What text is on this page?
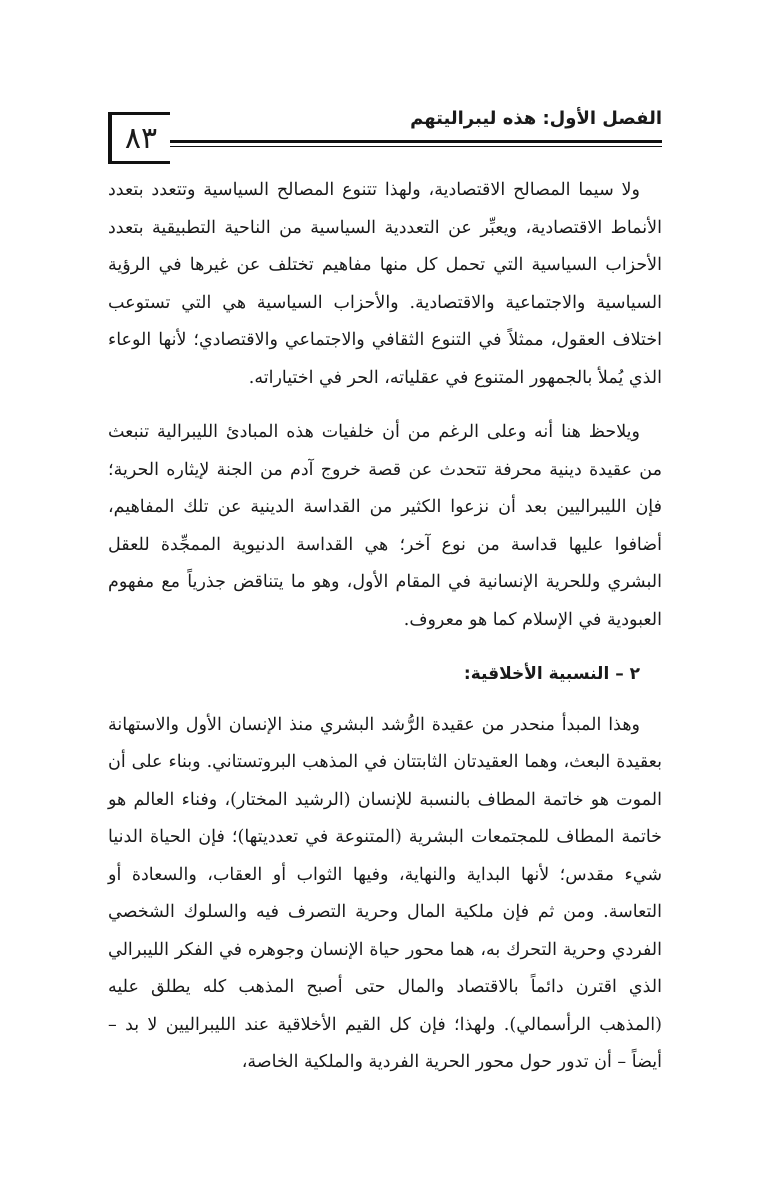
الفصل الأول: هذه ليبراليتهم
٨٣

ولا سيما المصالح الاقتصادية، ولهذا تتنوع المصالح السياسية وتتعدد بتعدد الأنماط الاقتصادية، ويعبِّر عن التعددية السياسية من الناحية التطبيقية بتعدد الأحزاب السياسية التي تحمل كل منها مفاهيم تختلف عن غيرها في الرؤية السياسية والاجتماعية والاقتصادية. والأحزاب السياسية هي التي تستوعب اختلاف العقول، ممثلاً في التنوع الثقافي والاجتماعي والاقتصادي؛ لأنها الوعاء الذي يُملأ بالجمهور المتنوع في عقلياته، الحر في اختياراته.

ويلاحظ هنا أنه وعلى الرغم من أن خلفيات هذه المبادئ الليبرالية تنبعث من عقيدة دينية محرفة تتحدث عن قصة خروج آدم من الجنة لإيثاره الحرية؛ فإن الليبراليين بعد أن نزعوا الكثير من القداسة الدينية عن تلك المفاهيم، أضافوا عليها قداسة من نوع آخر؛ هي القداسة الدنيوية الممجِّدة للعقل البشري وللحرية الإنسانية في المقام الأول، وهو ما يتناقض جذرياً مع مفهوم العبودية في الإسلام كما هو معروف.

٢ – النسبية الأخلاقية:

وهذا المبدأ منحدر من عقيدة الرُّشد البشري منذ الإنسان الأول والاستهانة بعقيدة البعث، وهما العقيدتان الثابتتان في المذهب البروتستاني. وبناء على أن الموت هو خاتمة المطاف بالنسبة للإنسان (الرشيد المختار)، وفناء العالم هو خاتمة المطاف للمجتمعات البشرية (المتنوعة في تعدديتها)؛ فإن الحياة الدنيا شيء مقدس؛ لأنها البداية والنهاية، وفيها الثواب أو العقاب، والسعادة أو التعاسة. ومن ثم فإن ملكية المال وحرية التصرف فيه والسلوك الشخصي الفردي وحرية التحرك به، هما محور حياة الإنسان وجوهره في الفكر الليبرالي الذي اقترن دائماً بالاقتصاد والمال حتى أصبح المذهب كله يطلق عليه (المذهب الرأسمالي). ولهذا؛ فإن كل القيم الأخلاقية عند الليبراليين لا بد – أيضاً – أن تدور حول محور الحرية الفردية والملكية الخاصة،
